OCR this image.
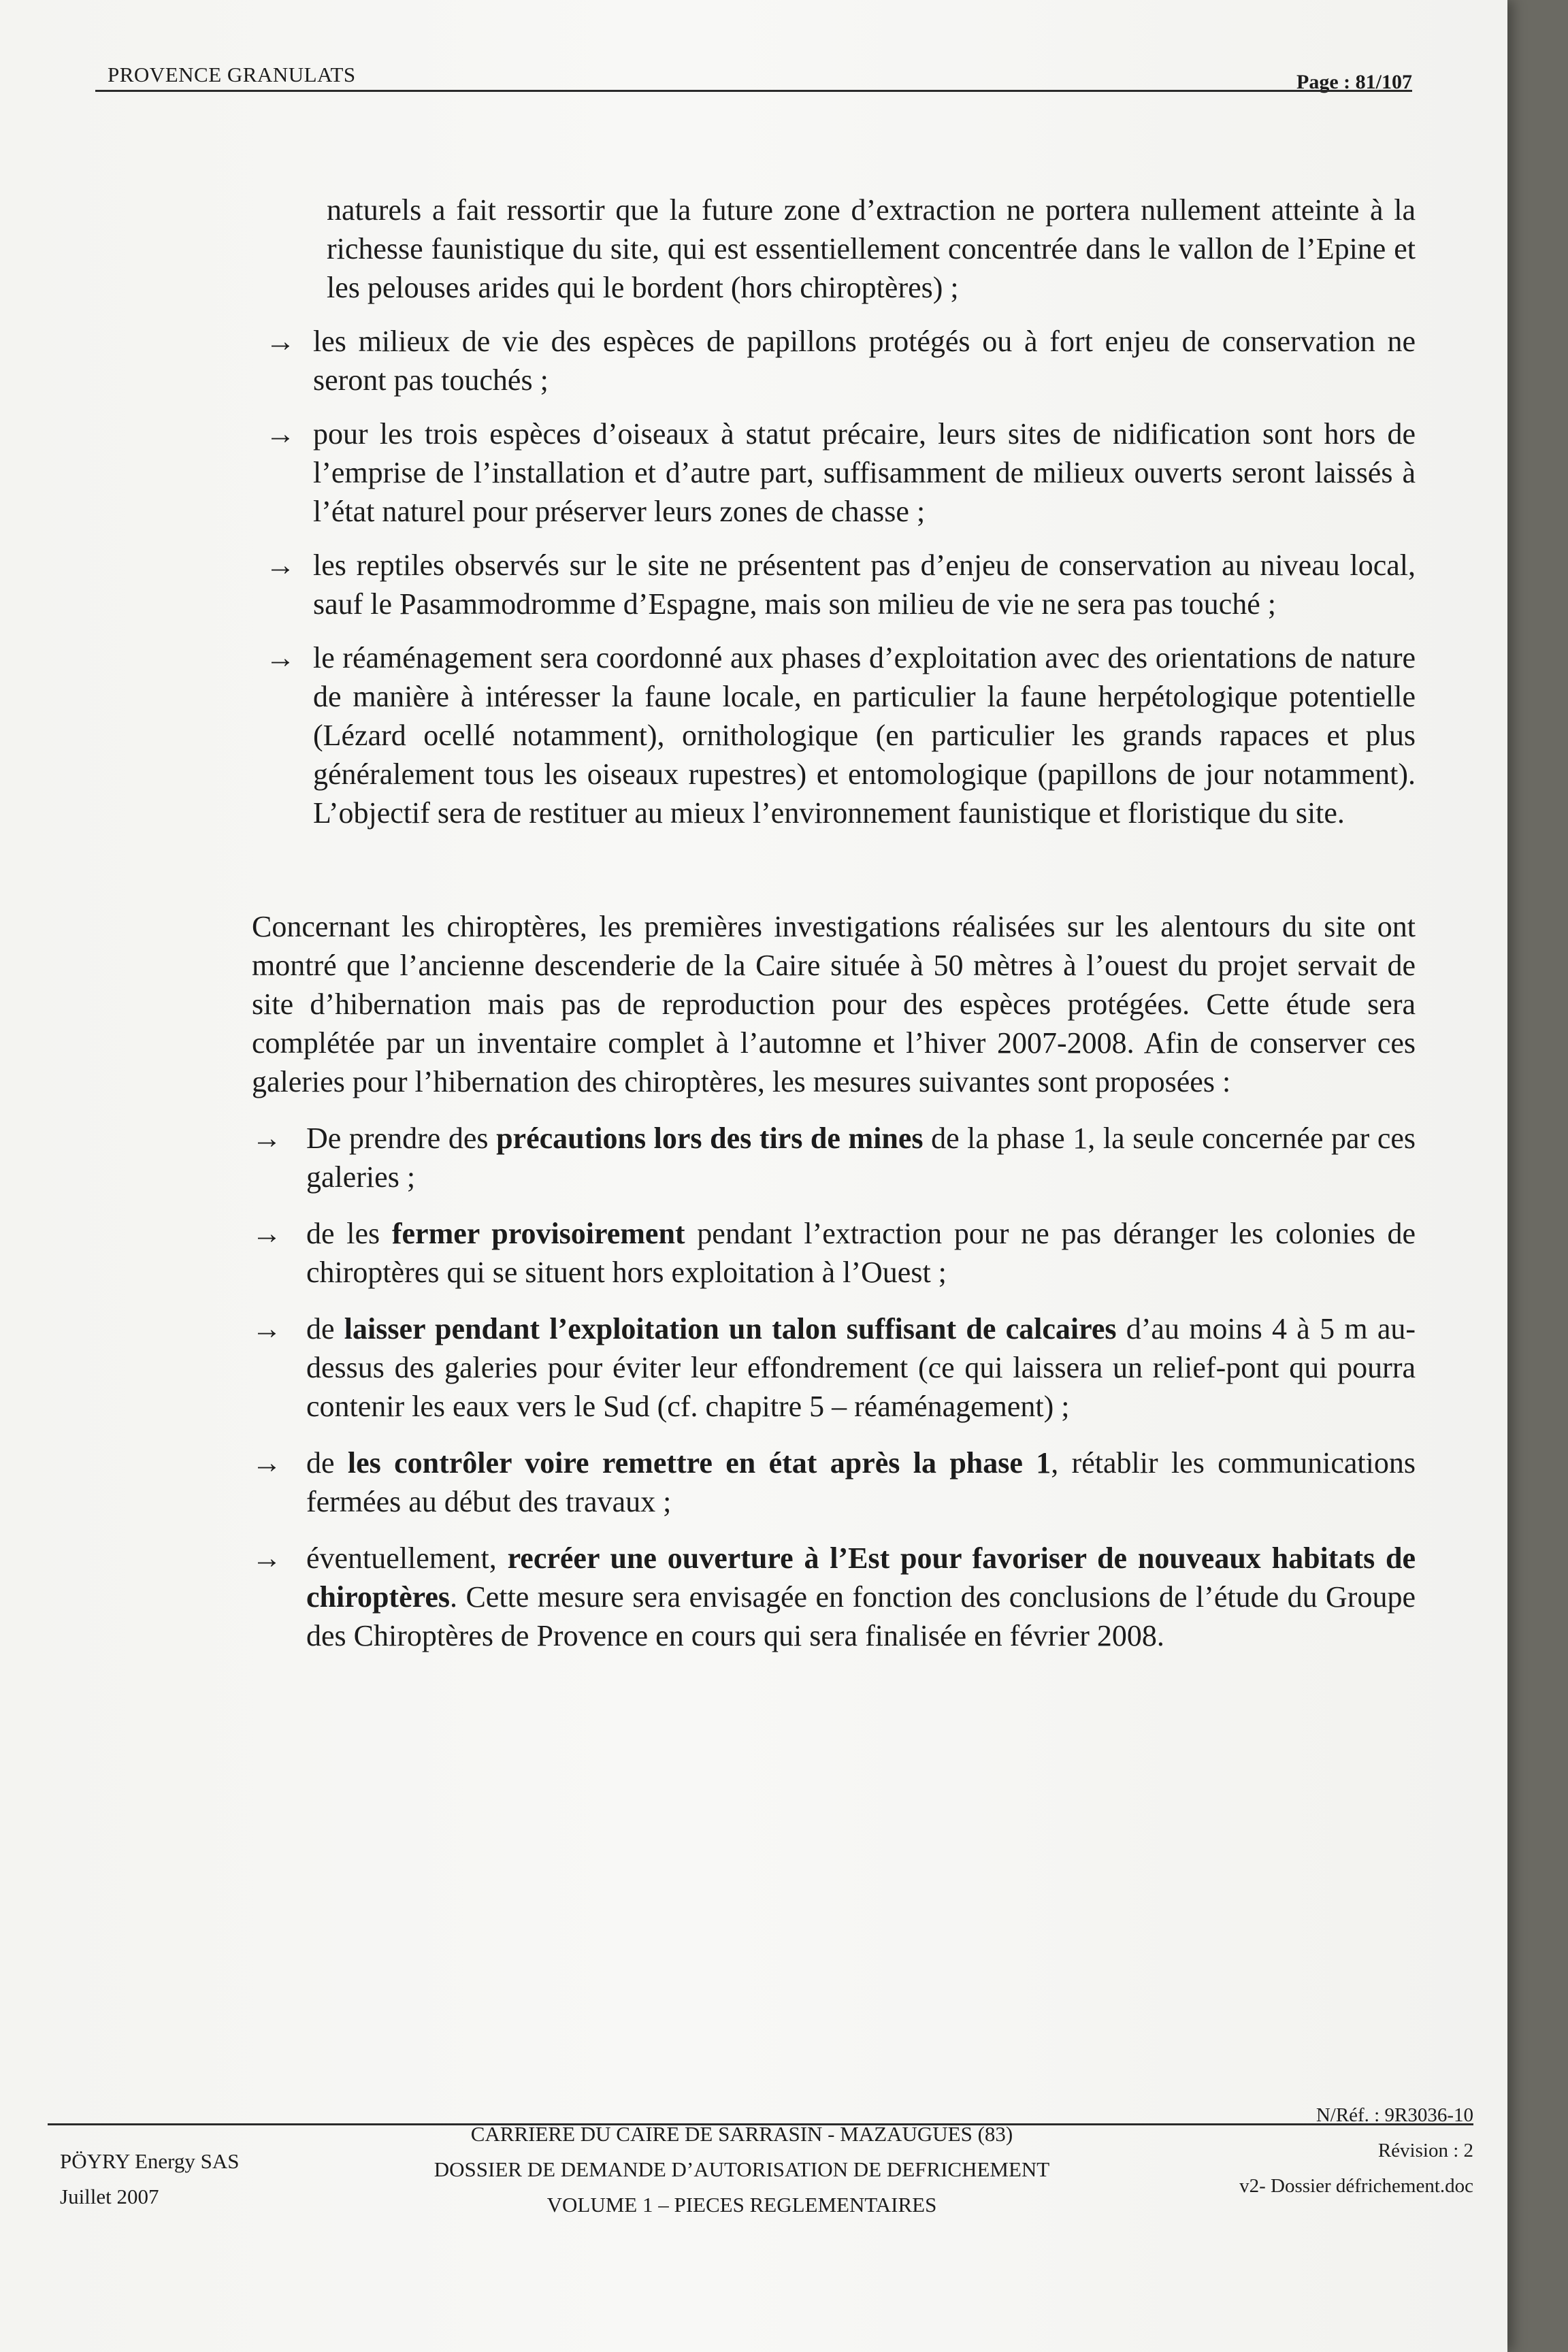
PROVENCE GRANULATS	Page : 81/107

naturels a fait ressortir que la future zone d’extraction ne portera nullement atteinte à la richesse faunistique du site, qui est essentiellement concentrée dans le vallon de l’Epine et les pelouses arides qui le bordent (hors chiroptères) ;

→ les milieux de vie des espèces de papillons protégés ou à fort enjeu de conservation ne seront pas touchés ;
→ pour les trois espèces d’oiseaux à statut précaire, leurs sites de nidification sont hors de l’emprise de l’installation et d’autre part, suffisamment de milieux ouverts seront laissés à l’état naturel pour préserver leurs zones de chasse ;
→ les reptiles observés sur le site ne présentent pas d’enjeu de conservation au niveau local, sauf le Pasammodromme d’Espagne, mais son milieu de vie ne sera pas touché ;
→ le réaménagement sera coordonné aux phases d’exploitation avec des orientations de nature de manière à intéresser la faune locale, en particulier la faune herpétologique potentielle (Lézard ocellé notamment), ornithologique (en particulier les grands rapaces et plus généralement tous les oiseaux rupestres) et entomologique (papillons de jour notamment). L’objectif sera de restituer au mieux l’environnement faunistique et floristique du site.

Concernant les chiroptères, les premières investigations réalisées sur les alentours du site ont montré que l’ancienne descenderie de la Caire située à 50 mètres à l’ouest du projet servait de site d’hibernation mais pas de reproduction pour des espèces protégées. Cette étude sera complétée par un inventaire complet à l’automne et l’hiver 2007-2008. Afin de conserver ces galeries pour l’hibernation des chiroptères, les mesures suivantes sont proposées :

→ De prendre des précautions lors des tirs de mines de la phase 1, la seule concernée par ces galeries ;
→ de les fermer provisoirement pendant l’extraction pour ne pas déranger les colonies de chiroptères qui se situent hors exploitation à l’Ouest ;
→ de laisser pendant l’exploitation un talon suffisant de calcaires d’au moins 4 à 5 m au-dessus des galeries pour éviter leur effondrement (ce qui laissera un relief-pont qui pourra contenir les eaux vers le Sud (cf. chapitre 5 – réaménagement) ;
→ de les contrôler voire remettre en état après la phase 1, rétablir les communications fermées au début des travaux ;
→ éventuellement, recréer une ouverture à l’Est pour favoriser de nouveaux habitats de chiroptères. Cette mesure sera envisagée en fonction des conclusions de l’étude du Groupe des Chiroptères de Provence en cours qui sera finalisée en février 2008.
PÖYRY Energy SAS
Juillet 2007
CARRIERE DU CAIRE DE SARRASIN - MAZAUGUES (83)
DOSSIER DE DEMANDE D’AUTORISATION DE DEFRICHEMENT
VOLUME 1 – PIECES REGLEMENTAIRES
N/Réf. : 9R3036-10
Révision : 2
v2- Dossier défrichement.doc
